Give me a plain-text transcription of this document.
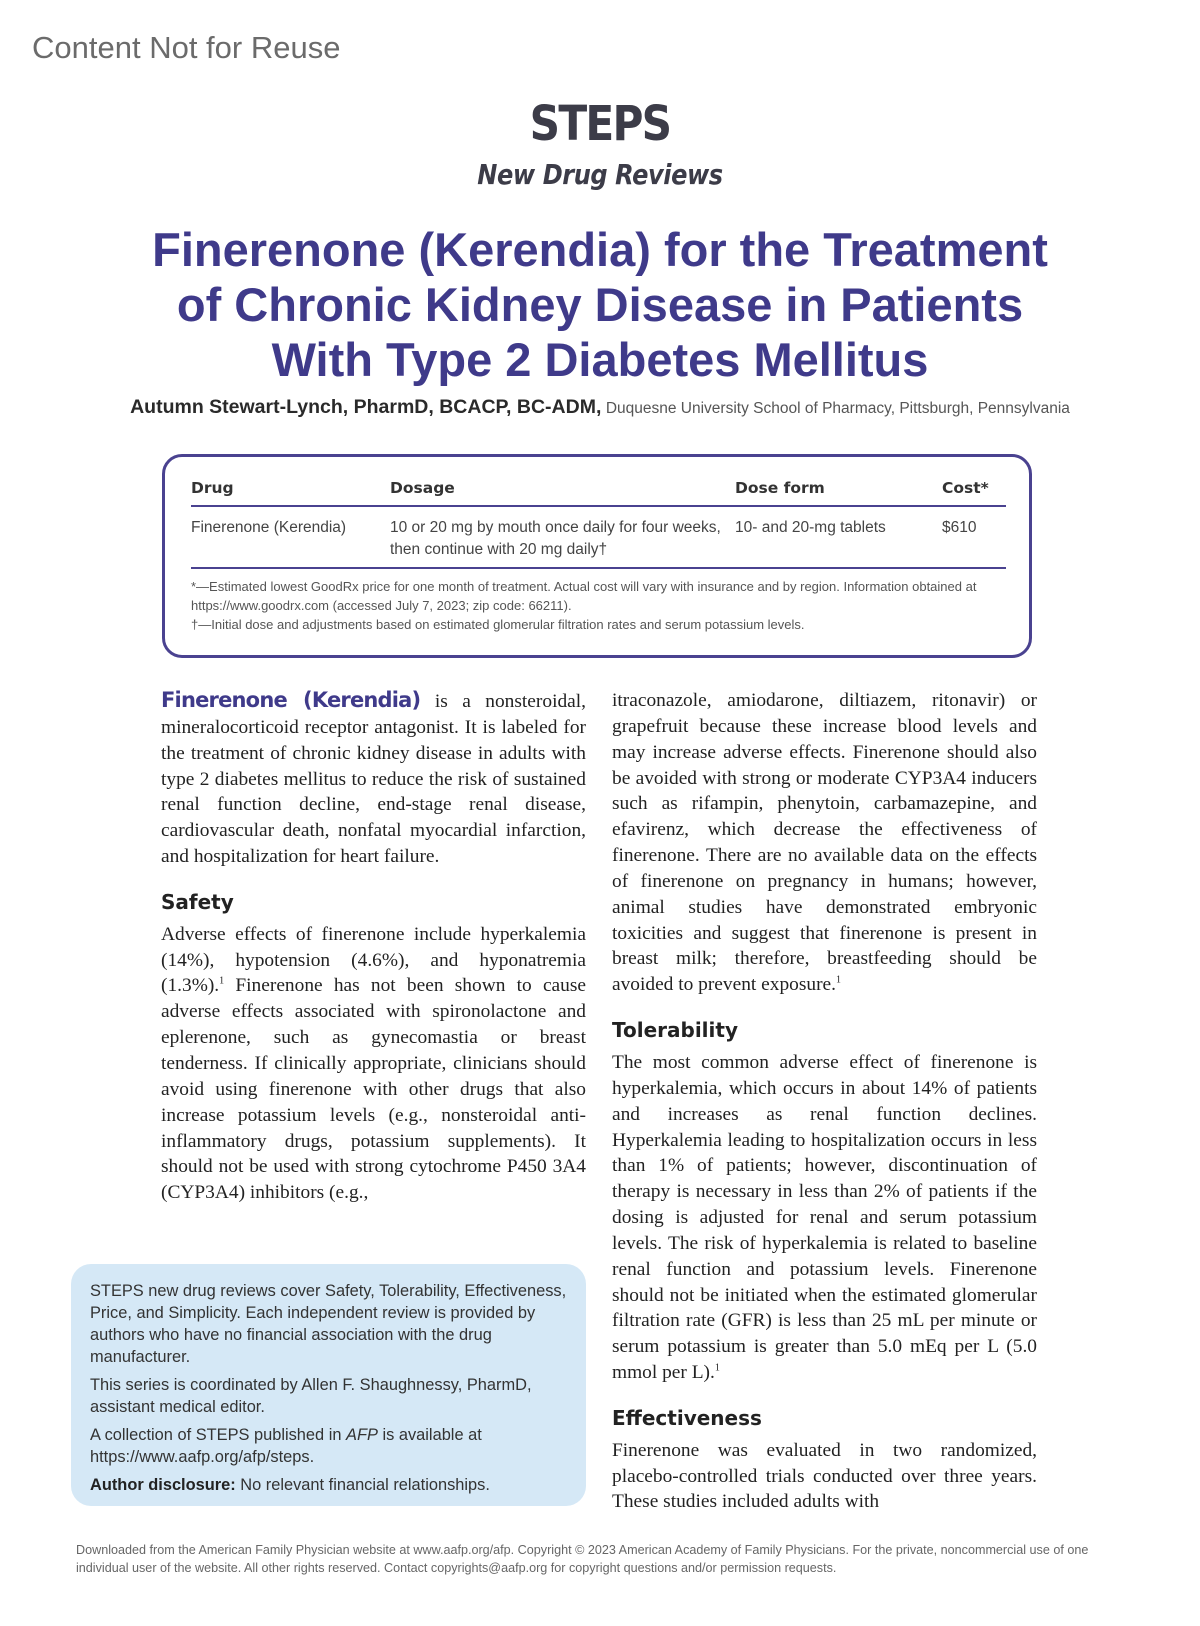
Content Not for Reuse
STEPS
New Drug Reviews
Finerenone (Kerendia) for the Treatment
of Chronic Kidney Disease in Patients
With Type 2 Diabetes Mellitus
Autumn Stewart-Lynch, PharmD, BCACP, BC-ADM, Duquesne University School of Pharmacy, Pittsburgh, Pennsylvania
Drug	Dosage	Dose form	Cost*
Finerenone (Kerendia)	10 or 20 mg by mouth once daily for four weeks, then continue with 20 mg daily†	10- and 20-mg tablets	$610
*—Estimated lowest GoodRx price for one month of treatment. Actual cost will vary with insurance and by region. Information obtained at https://www.goodrx.com (accessed July 7, 2023; zip code: 66211).
†—Initial dose and adjustments based on estimated glomerular filtration rates and serum potassium levels.

Finerenone (Kerendia) is a nonsteroidal, mineralocorticoid receptor antagonist. It is labeled for the treatment of chronic kidney disease in adults with type 2 diabetes mellitus to reduce the risk of sustained renal function decline, end-stage renal disease, cardiovascular death, nonfatal myocardial infarction, and hospitalization for heart failure.

Safety

Adverse effects of finerenone include hyperkalemia (14%), hypotension (4.6%), and hyponatremia (1.3%).$^1$ Finerenone has not been shown to cause adverse effects associated with spironolactone and eplerenone, such as gynecomastia or breast tenderness. If clinically appropriate, clinicians should avoid using finerenone with other drugs that also increase potassium levels (e.g., nonsteroidal anti-inflammatory drugs, potassium supplements). It should not be used with strong cytochrome P450 3A4 (CYP3A4) inhibitors (e.g.,

itraconazole, amiodarone, diltiazem, ritonavir) or grapefruit because these increase blood levels and may increase adverse effects. Finerenone should also be avoided with strong or moderate CYP3A4 inducers such as rifampin, phenytoin, carbamazepine, and efavirenz, which decrease the effectiveness of finerenone. There are no available data on the effects of finerenone on pregnancy in humans; however, animal studies have demonstrated embryonic toxicities and suggest that finerenone is present in breast milk; therefore, breastfeeding should be avoided to prevent exposure.$^1$

Tolerability

The most common adverse effect of finerenone is hyperkalemia, which occurs in about 14% of patients and increases as renal function declines. Hyperkalemia leading to hospitalization occurs in less than 1% of patients; however, discontinuation of therapy is necessary in less than 2% of patients if the dosing is adjusted for renal and serum potassium levels. The risk of hyperkalemia is related to baseline renal function and potassium levels. Finerenone should not be initiated when the estimated glomerular filtration rate (GFR) is less than 25 mL per minute or serum potassium is greater than 5.0 mEq per L (5.0 mmol per L).$^1$

Effectiveness

Finerenone was evaluated in two randomized, placebo-controlled trials conducted over three years. These studies included adults with

STEPS new drug reviews cover Safety, Tolerability, Effectiveness, Price, and Simplicity. Each independent review is provided by authors who have no financial association with the drug manufacturer.

This series is coordinated by Allen F. Shaughnessy, PharmD, assistant medical editor.

A collection of STEPS published in AFP is available at https://www.aafp.org/afp/steps.

Author disclosure: No relevant financial relationships.

Downloaded from the American Family Physician website at www.aafp.org/afp. Copyright © 2023 American Academy of Family Physicians. For the private, noncommercial use of one individual user of the website. All other rights reserved. Contact copyrights@aafp.org for copyright questions and/or permission requests.
